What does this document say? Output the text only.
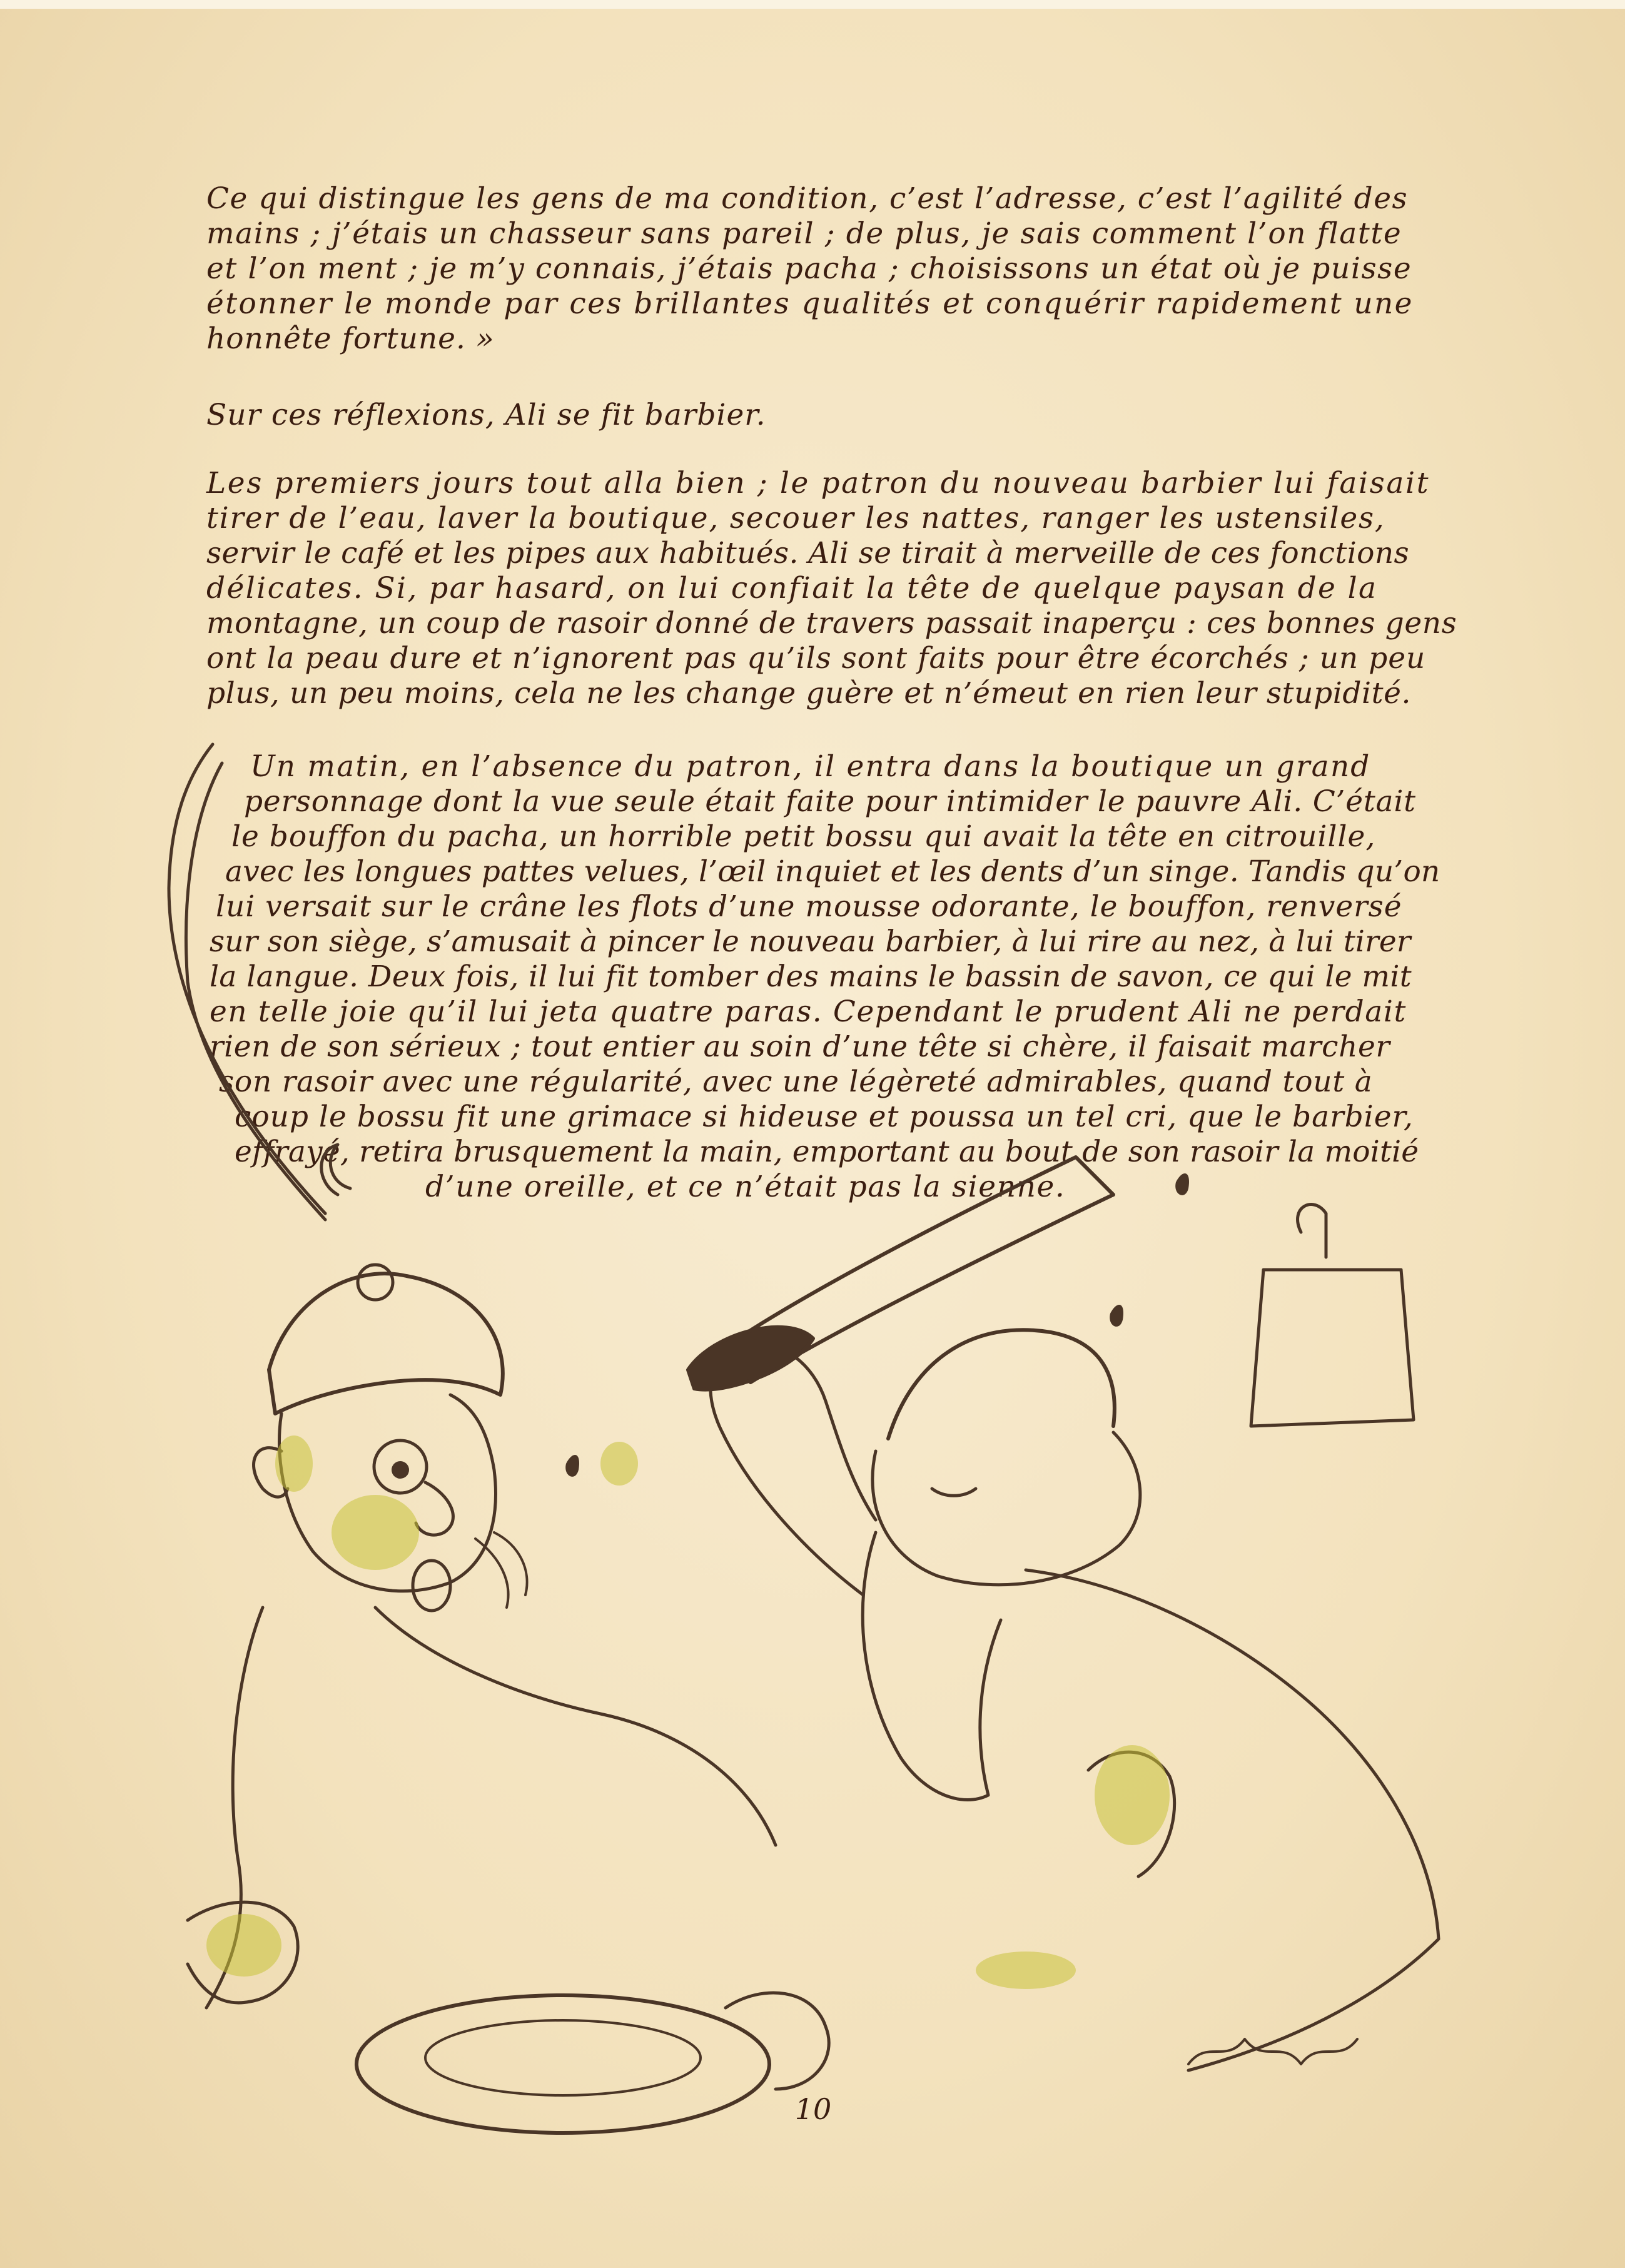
Ce qui distingue les gens de ma condition, c’est l’adresse, c’est l’agilité des
mains ; j’étais un chasseur sans pareil ; de plus, je sais comment l’on flatte
et l’on ment ; je m’y connais, j’étais pacha ; choisissons un état où je puisse
étonner le monde par ces brillantes qualités et conquérir rapidement une
honnête fortune. »

Sur ces réflexions, Ali se fit barbier.

Les premiers jours tout alla bien ; le patron du nouveau barbier lui faisait
tirer de l’eau, laver la boutique, secouer les nattes, ranger les ustensiles,
servir le café et les pipes aux habitués. Ali se tirait à merveille de ces fonctions
délicates. Si, par hasard, on lui confiait la tête de quelque paysan de la
montagne, un coup de rasoir donné de travers passait inaperçu : ces bonnes gens
ont la peau dure et n’ignorent pas qu’ils sont faits pour être écorchés ; un peu
plus, un peu moins, cela ne les change guère et n’émeut en rien leur stupidité.

Un matin, en l’absence du patron, il entra dans la boutique un grand
personnage dont la vue seule était faite pour intimider le pauvre Ali. C’était
le bouffon du pacha, un horrible petit bossu qui avait la tête en citrouille,
avec les longues pattes velues, l’œil inquiet et les dents d’un singe. Tandis qu’on
lui versait sur le crâne les flots d’une mousse odorante, le bouffon, renversé
sur son siège, s’amusait à pincer le nouveau barbier, à lui rire au nez, à lui tirer
la langue. Deux fois, il lui fit tomber des mains le bassin de savon, ce qui le mit
en telle joie qu’il lui jeta quatre paras. Cependant le prudent Ali ne perdait
rien de son sérieux ; tout entier au soin d’une tête si chère, il faisait marcher
son rasoir avec une régularité, avec une légèreté admirables, quand tout à
coup le bossu fit une grimace si hideuse et poussa un tel cri, que le barbier,
effrayé, retira brusquement la main, emportant au bout de son rasoir la moitié
d’une oreille, et ce n’était pas la sienne.

10
